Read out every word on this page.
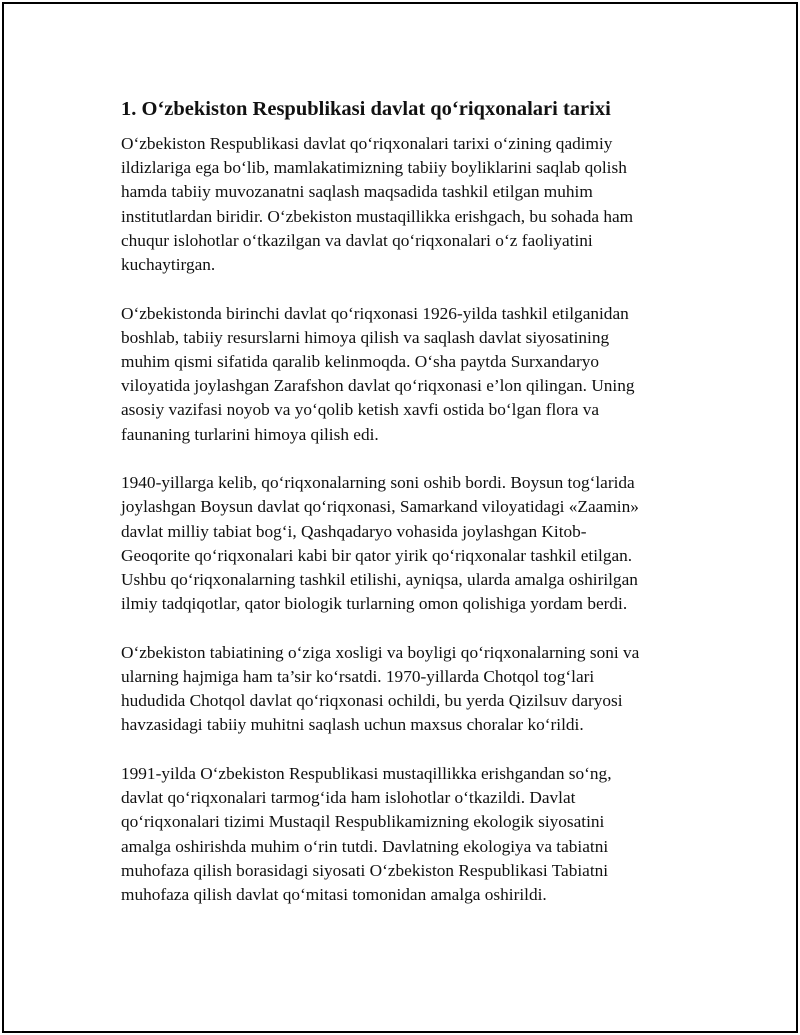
1. O‘zbekiston Respublikasi davlat qo‘riqxonalari tarixi

O‘zbekiston Respublikasi davlat qo‘riqxonalari tarixi o‘zining qadimiy
ildizlariga ega bo‘lib, mamlakatimizning tabiiy boyliklarini saqlab qolish
hamda tabiiy muvozanatni saqlash maqsadida tashkil etilgan muhim
institutlardan biridir. O‘zbekiston mustaqillikka erishgach, bu sohada ham
chuqur islohotlar o‘tkazilgan va davlat qo‘riqxonalari o‘z faoliyatini
kuchaytirgan.

O‘zbekistonda birinchi davlat qo‘riqxonasi 1926-yilda tashkil etilganidan
boshlab, tabiiy resurslarni himoya qilish va saqlash davlat siyosatining
muhim qismi sifatida qaralib kelinmoqda. O‘sha paytda Surxandaryo
viloyatida joylashgan Zarafshon davlat qo‘riqxonasi e’lon qilingan. Uning
asosiy vazifasi noyob va yo‘qolib ketish xavfi ostida bo‘lgan flora va
faunaning turlarini himoya qilish edi.

1940-yillarga kelib, qo‘riqxonalarning soni oshib bordi. Boysun tog‘larida
joylashgan Boysun davlat qo‘riqxonasi, Samarkand viloyatidagi «Zaamin»
davlat milliy tabiat bog‘i, Qashqadaryo vohasida joylashgan Kitob-
Geoqorite qo‘riqxonalari kabi bir qator yirik qo‘riqxonalar tashkil etilgan.
Ushbu qo‘riqxonalarning tashkil etilishi, ayniqsa, ularda amalga oshirilgan
ilmiy tadqiqotlar, qator biologik turlarning omon qolishiga yordam berdi.

O‘zbekiston tabiatining o‘ziga xosligi va boyligi qo‘riqxonalarning soni va
ularning hajmiga ham ta’sir ko‘rsatdi. 1970-yillarda Chotqol tog‘lari
hududida Chotqol davlat qo‘riqxonasi ochildi, bu yerda Qizilsuv daryosi
havzasidagi tabiiy muhitni saqlash uchun maxsus choralar ko‘rildi.

1991-yilda O‘zbekiston Respublikasi mustaqillikka erishgandan so‘ng,
davlat qo‘riqxonalari tarmog‘ida ham islohotlar o‘tkazildi. Davlat
qo‘riqxonalari tizimi Mustaqil Respublikamizning ekologik siyosatini
amalga oshirishda muhim o‘rin tutdi. Davlatning ekologiya va tabiatni
muhofaza qilish borasidagi siyosati O‘zbekiston Respublikasi Tabiatni
muhofaza qilish davlat qo‘mitasi tomonidan amalga oshirildi.
